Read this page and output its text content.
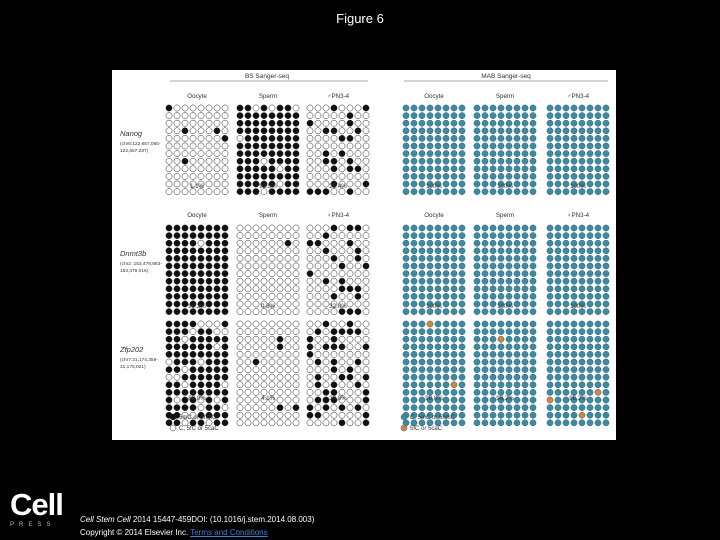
Figure 6
BS Sanger-seq	MAB Sanger-seq
Nanog
(chr6:122,657,065-
122,657,287)
Oocyte
1.1%
Sperm
92.5%
♂PN3-4
25.4%
Oocyte
100%
Sperm
100%
♂PN3-4
100%
Dnmt3b
(chr2 :153,478,883-
153,479,016)
Oocyte
99.2%
Sperm
0.8%
♀PN3-4
32.0%
Oocyte
100%
Sperm
100%
♀PN3-4
100%
Zfp202
(chr7:31,174,359-
31,175,001)
80.0%	4.1%	30.8%	98.8%	98.2%	96.2%
5mC or 5hmC
C, 5fC or 5caC
C, 5mC or 5hmC
5fC or 5caC
Cell
PRESS
Cell Stem Cell 2014 15447-459DOI: (10.1016/j.stem.2014.08.003)
Copyright © 2014 Elsevier Inc. Terms and Conditions
